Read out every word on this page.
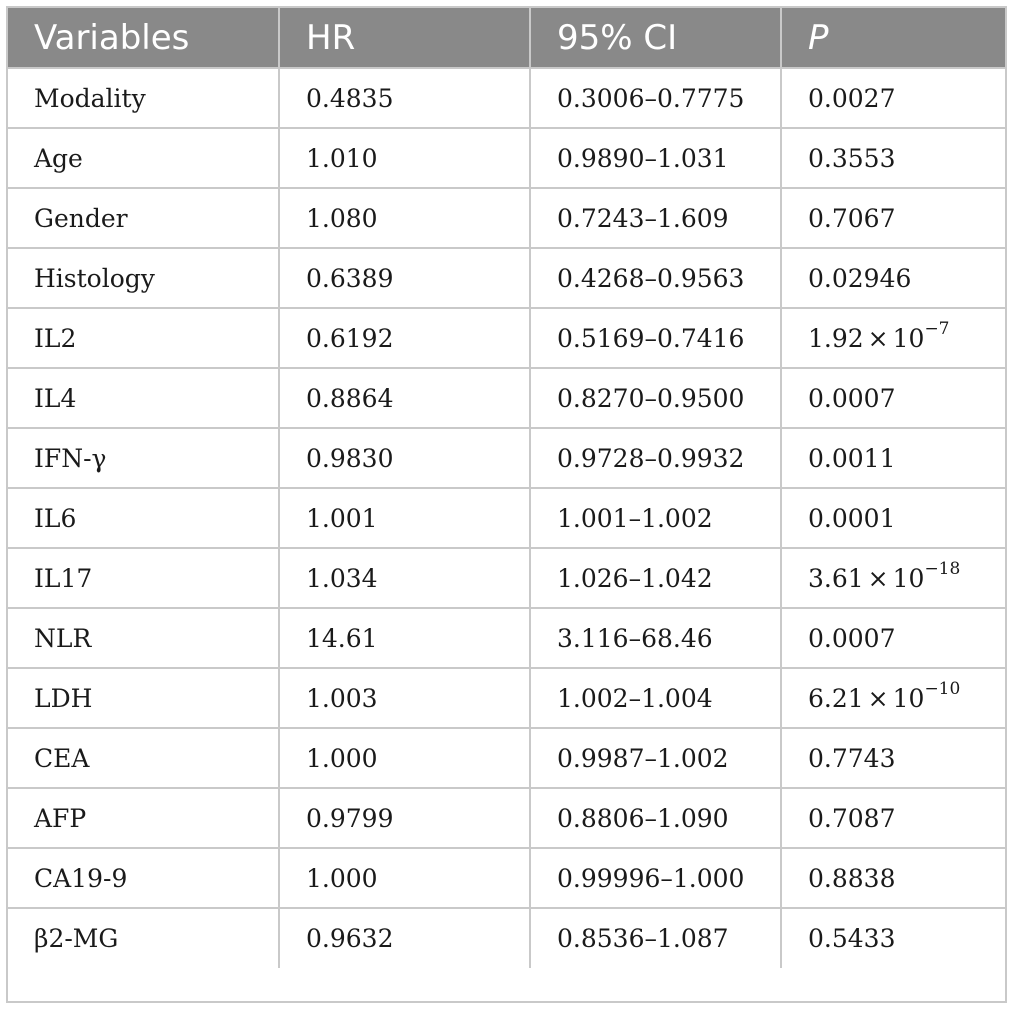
Variables	HR	95% CI	P
Modality	0.4835	0.3006–0.7775	0.0027
Age	1.010	0.9890–1.031	0.3553
Gender	1.080	0.7243–1.609	0.7067
Histology	0.6389	0.4268–0.9563	0.02946
IL2	0.6192	0.5169–0.7416	$1.92 \times 10^{-7}$
IL4	0.8864	0.8270–0.9500	0.0007
IFN-γ	0.9830	0.9728–0.9932	0.0011
IL6	1.001	1.001–1.002	0.0001
IL17	1.034	1.026–1.042	$3.61 \times 10^{-18}$
NLR	14.61	3.116–68.46	0.0007
LDH	1.003	1.002–1.004	$6.21 \times 10^{-10}$
CEA	1.000	0.9987–1.002	0.7743
AFP	0.9799	0.8806–1.090	0.7087
CA19-9	1.000	0.99996–1.000	0.8838
β2-MG	0.9632	0.8536–1.087	0.5433
